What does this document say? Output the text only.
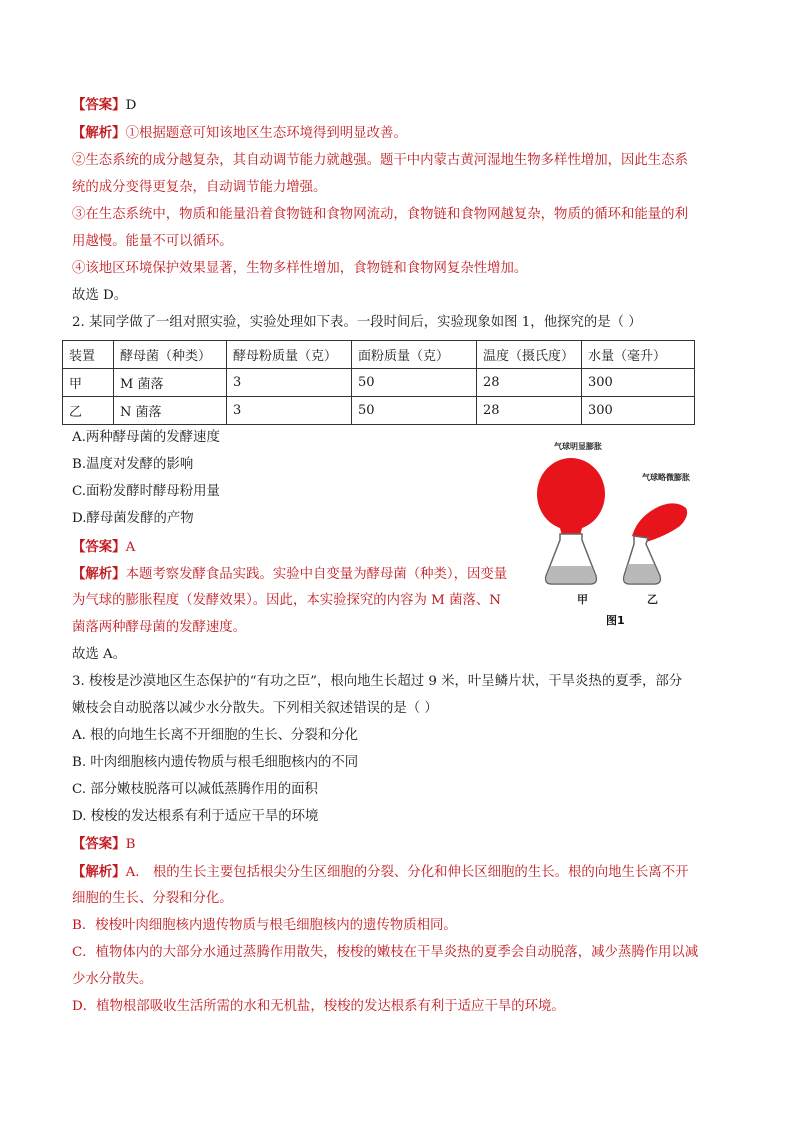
【答案】D
【解析】①根据题意可知该地区生态环境得到明显改善。
②生态系统的成分越复杂，其自动调节能力就越强。题干中内蒙古黄河湿地生物多样性增加，因此生态系
统的成分变得更复杂，自动调节能力增强。
③在生态系统中，物质和能量沿着食物链和食物网流动，食物链和食物网越复杂，物质的循环和能量的利
用越慢。能量不可以循环。
④该地区环境保护效果显著，生物多样性增加，食物链和食物网复杂性增加。
故选 D。
2. 某同学做了一组对照实验，实验处理如下表。一段时间后，实验现象如图 1，他探究的是（ ）
装置	酵母菌（种类）	酵母粉质量（克）	面粉质量（克）	温度（摄氏度）	水量（毫升）
甲	M 菌落	3	50	28	300
乙	N 菌落	3	50	28	300
A.两种酵母菌的发酵速度
B.温度对发酵的影响
C.面粉发酵时酵母粉用量
D.酵母菌发酵的产物
【答案】A
【解析】本题考察发酵食品实践。实验中自变量为酵母菌（种类），因变量
为气球的膨胀程度（发酵效果）。因此，本实验探究的内容为 M 菌落、N
菌落两种酵母菌的发酵速度。
故选 A。
气球明显膨胀
气球略微膨胀
甲	乙
图1
3. 梭梭是沙漠地区生态保护的“有功之臣”，根向地生长超过 9 米，叶呈鳞片状，干旱炎热的夏季，部分
嫩枝会自动脱落以减少水分散失。下列相关叙述错误的是（ ）
A. 根的向地生长离不开细胞的生长、分裂和分化
B. 叶肉细胞核内遗传物质与根毛细胞核内的不同
C. 部分嫩枝脱落可以减低蒸腾作用的面积
D. 梭梭的发达根系有利于适应干旱的环境
【答案】B
【解析】A． 根的生长主要包括根尖分生区细胞的分裂、分化和伸长区细胞的生长。根的向地生长离不开
细胞的生长、分裂和分化。
B．梭梭叶肉细胞核内遗传物质与根毛细胞核内的遗传物质相同。
C．植物体内的大部分水通过蒸腾作用散失，梭梭的嫩枝在干旱炎热的夏季会自动脱落，减少蒸腾作用以减
少水分散失。
D．植物根部吸收生活所需的水和无机盐，梭梭的发达根系有利于适应干旱的环境。
